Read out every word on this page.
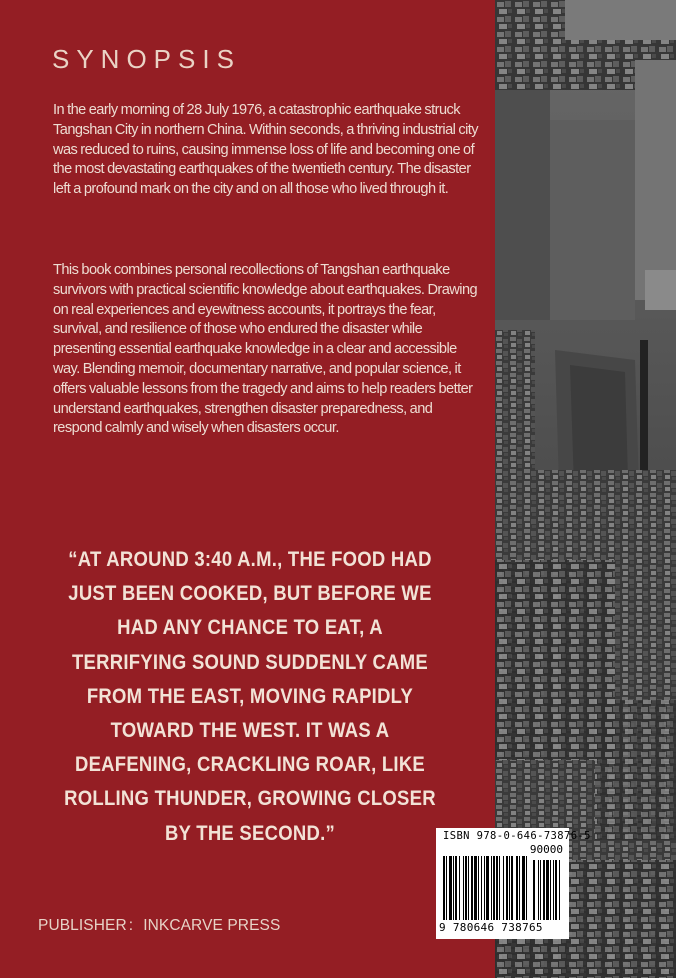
SYNOPSIS

In the early morning of 28 July 1976, a catastrophic earthquake struck Tangshan City in northern China. Within seconds, a thriving industrial city was reduced to ruins, causing immense loss of life and becoming one of the most devastating earthquakes of the twentieth century. The disaster left a profound mark on the city and on all those who lived through it.

This book combines personal recollections of Tangshan earthquake survivors with practical scientific knowledge about earthquakes. Drawing on real experiences and eyewitness accounts, it portrays the fear, survival, and resilience of those who endured the disaster while presenting essential earthquake knowledge in a clear and accessible way. Blending memoir, documentary narrative, and popular science, it offers valuable lessons from the tragedy and aims to help readers better understand earthquakes, strengthen disaster preparedness, and respond calmly and wisely when disasters occur.

“AT AROUND 3:40 A.M., THE FOOD HAD JUST BEEN COOKED, BUT BEFORE WE HAD ANY CHANCE TO EAT, A TERRIFYING SOUND SUDDENLY CAME FROM THE EAST, MOVING RAPIDLY TOWARD THE WEST. IT WAS A DEAFENING, CRACKLING ROAR, LIKE ROLLING THUNDER, GROWING CLOSER BY THE SECOND.”

PUBLISHER : INKCARVE PRESS
ISBN 978-0-646-73876-5
90000
9 780646 738765
